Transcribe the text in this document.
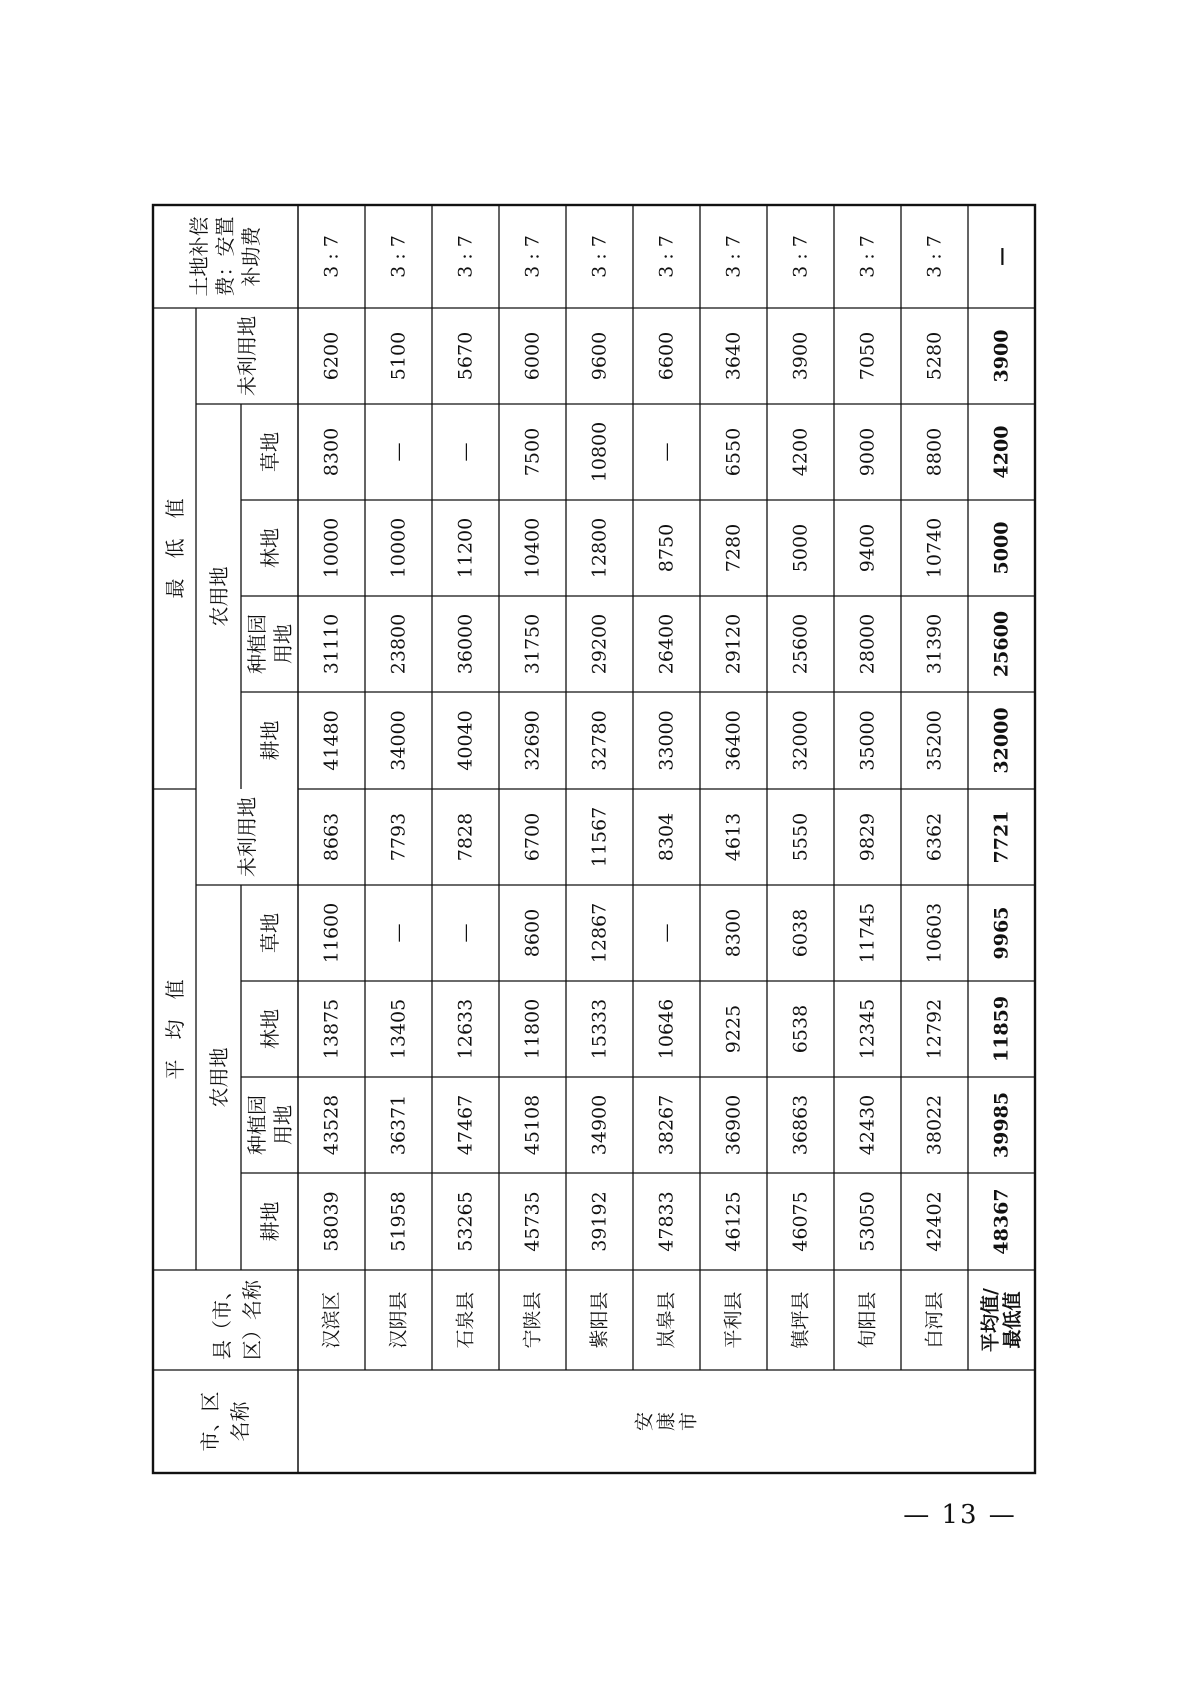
平　均　值
最　低　值
农用地
农用地
未利用地
未利用地
耕地
种植园 用地
林地
草地
耕地
种植园 用地
林地
草地
土地补偿 费：安置 补助费
县（市、 区）名称
市、区 名称	安 康 市
汉滨区
58039
43528
13875
11600
8663
41480
31110
10000
8300
6200
3 : 7
汉阴县
51958
36371
13405
—
7793
34000
23800
10000
—
5100
3 : 7
石泉县
53265
47467
12633
—
7828
40040
36000
11200
—
5670
3 : 7
宁陕县
45735
45108
11800
8600
6700
32690
31750
10400
7500
6000
3 : 7
紫阳县
39192
34900
15333
12867
11567
32780
29200
12800
10800
9600
3 : 7
岚皋县
47833
38267
10646
—
8304
33000
26400
8750
—
6600
3 : 7
平利县
46125
36900
9225
8300
4613
36400
29120
7280
6550
3640
3 : 7
镇坪县
46075
36863
6538
6038
5550
32000
25600
5000
4200
3900
3 : 7
旬阳县
53050
42430
12345
11745
9829
35000
28000
9400
9000
7050
3 : 7
白河县
42402
38022
12792
10603
6362
35200
31390
10740
8800
5280
3 : 7
平均值/ 最低值
48367
39985
11859
9965
7721
32000
25600
5000
4200
3900
—
— 13 —
